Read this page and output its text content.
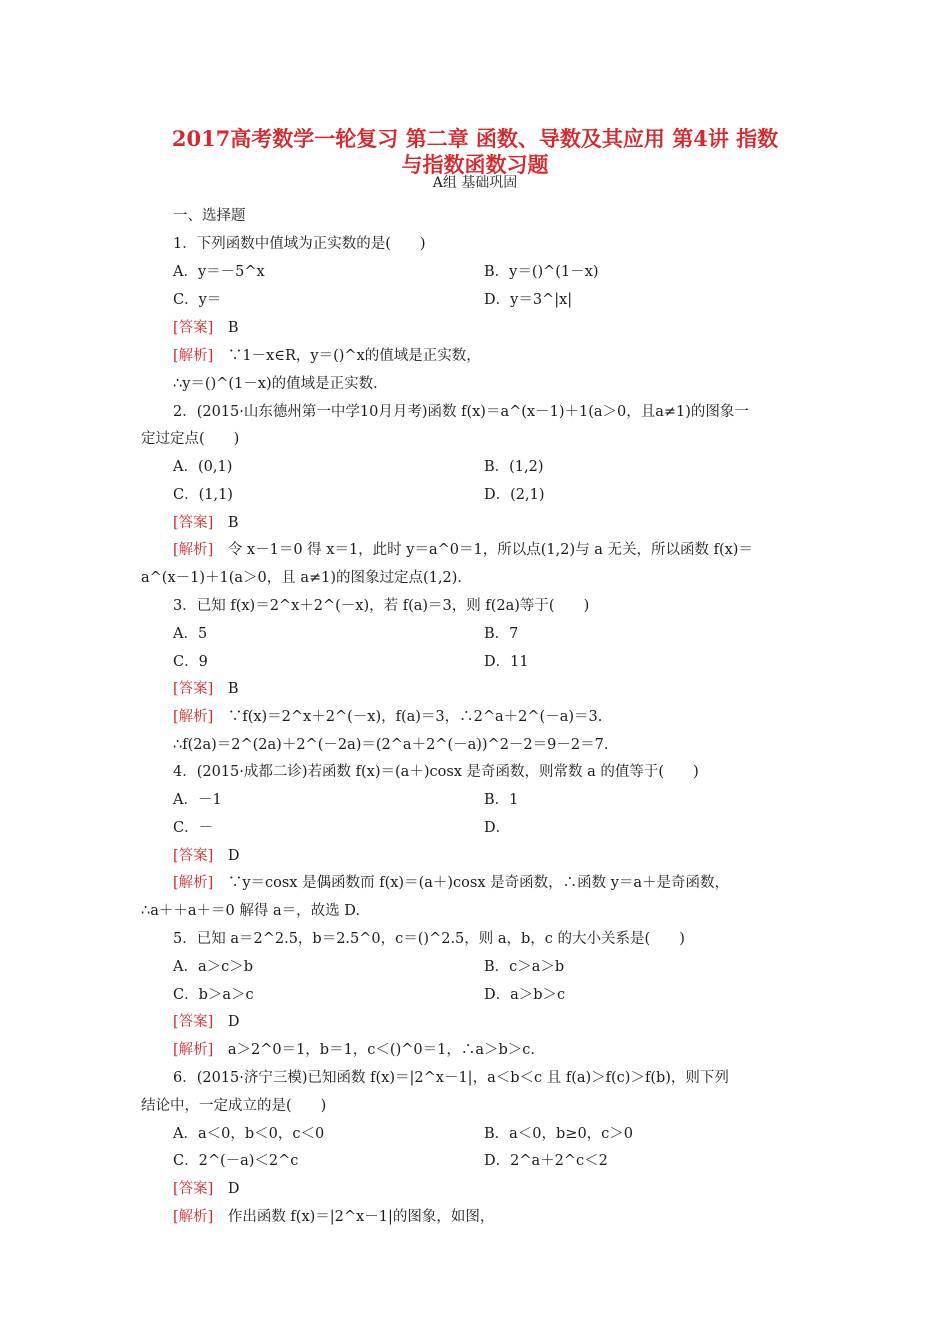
2017高考数学一轮复习 第二章 函数、导数及其应用 第4讲 指数
与指数函数习题
A组 基础巩固
一、选择题
1．下列函数中值域为正实数的是(　　)
A．y＝－5^x	B．y＝()^(1－x)
C．y＝	D．y＝3^|x|
[答案]　B
[解析]　∵1－x∈R，y＝()^x的值域是正实数，
∴y＝()^(1－x)的值域是正实数．
2．(2015·山东德州第一中学10月月考)函数 f(x)＝a^(x－1)＋1(a＞0，且a≠1)的图象一
定过定点(　　)
A．(0,1)	B．(1,2)
C．(1,1)	D．(2,1)
[答案]　B
[解析]　令 x－1＝0 得 x＝1，此时 y＝a^0＝1，所以点(1,2)与 a 无关，所以函数 f(x)＝
a^(x－1)＋1(a＞0，且 a≠1)的图象过定点(1,2)．
3．已知 f(x)＝2^x＋2^(－x)，若 f(a)＝3，则 f(2a)等于(　　)
A．5	B．7
C．9	D．11
[答案]　B
[解析]　∵f(x)＝2^x＋2^(－x)，f(a)＝3，∴2^a＋2^(－a)＝3.
∴f(2a)＝2^(2a)＋2^(－2a)＝(2^a＋2^(－a))^2－2＝9－2＝7.
4．(2015·成都二诊)若函数 f(x)＝(a＋)cosx 是奇函数，则常数 a 的值等于(　　)
A．－1	B．1
C．－	D．
[答案]　D
[解析]　∵y＝cosx 是偶函数而 f(x)＝(a＋)cosx 是奇函数，∴函数 y＝a＋是奇函数，
∴a＋＋a＋＝0 解得 a＝，故选 D.
5．已知 a＝2^2.5，b＝2.5^0，c＝()^2.5，则 a，b，c 的大小关系是(　　)
A．a＞c＞b	B．c＞a＞b
C．b＞a＞c	D．a＞b＞c
[答案]　D
[解析]　a＞2^0＝1，b＝1，c＜()^0＝1，∴a＞b＞c.
6．(2015·济宁三模)已知函数 f(x)＝|2^x－1|，a＜b＜c 且 f(a)＞f(c)＞f(b)，则下列
结论中，一定成立的是(　　)
A．a＜0，b＜0，c＜0	B．a＜0，b≥0，c＞0
C．2^(－a)＜2^c	D．2^a＋2^c＜2
[答案]　D
[解析]　作出函数 f(x)＝|2^x－1|的图象，如图，
